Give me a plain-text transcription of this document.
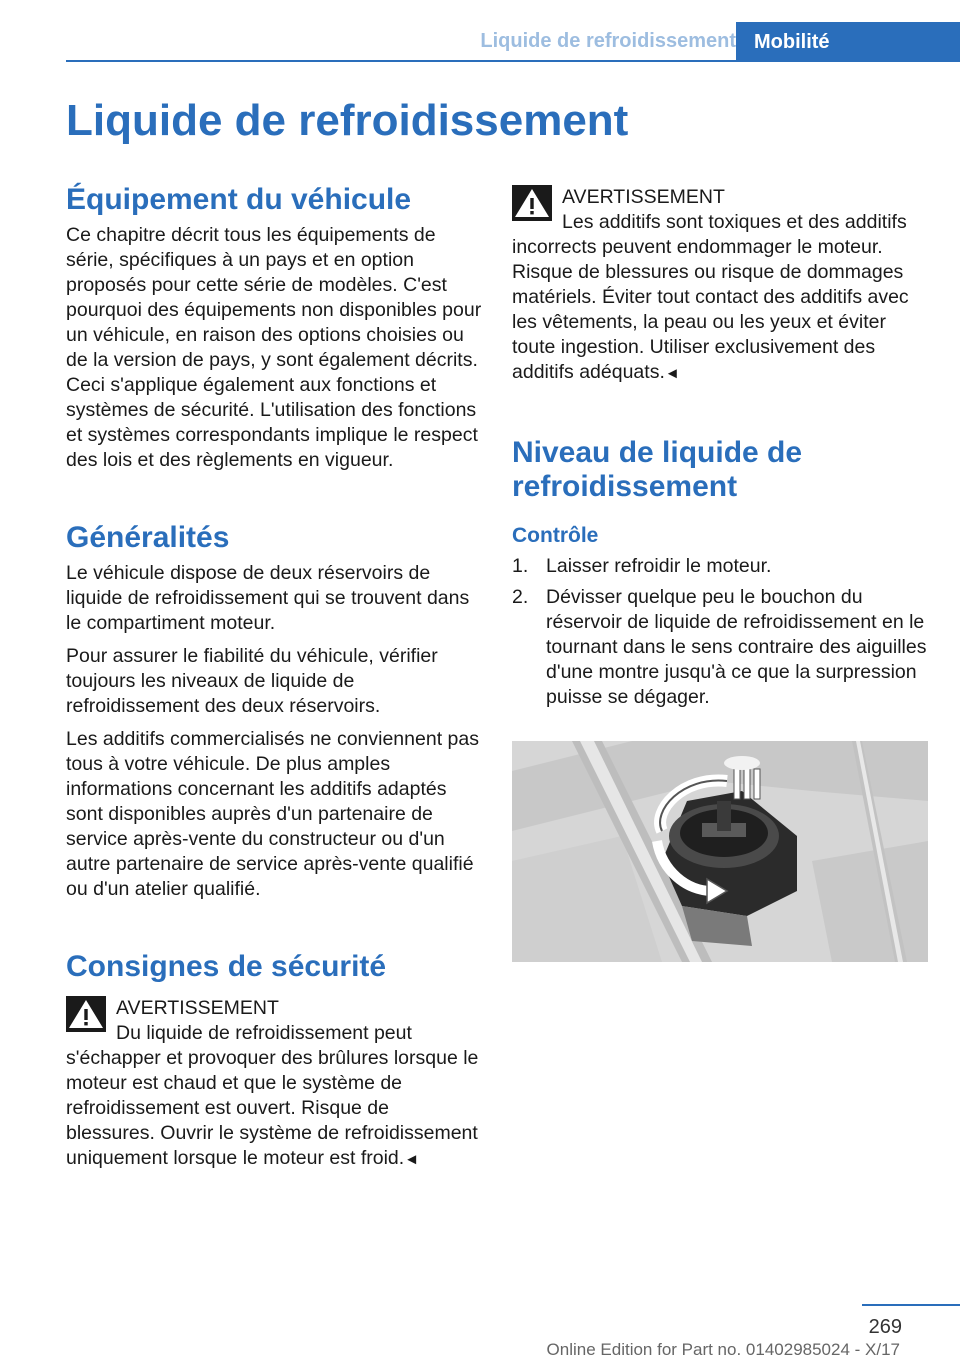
Liquide de refroidissement Mobilité
Liquide de refroidissement
Équipement du véhicule

Ce chapitre décrit tous les équipements de série, spécifiques à un pays et en option proposés pour cette série de modèles. C'est pourquoi des équipements non disponibles pour un véhicule, en raison des options choisies ou de la version de pays, y sont également décrits. Ceci s'applique également aux fonctions et systèmes de sécurité. L'utilisation des fonctions et systèmes correspondants implique le respect des lois et des règlements en vigueur.

Généralités

Le véhicule dispose de deux réservoirs de liquide de refroidissement qui se trouvent dans le compartiment moteur.

Pour assurer le fiabilité du véhicule, vérifier toujours les niveaux de liquide de refroidissement des deux réservoirs.

Les additifs commercialisés ne conviennent pas tous à votre véhicule. De plus amples informations concernant les additifs adaptés sont disponibles auprès d'un partenaire de service après-vente du constructeur ou d'un autre partenaire de service après-vente qualifié ou d'un atelier qualifié.

Consignes de sécurité
AVERTISSEMENT

Du liquide de refroidissement peut s'échapper et provoquer des brûlures lorsque le moteur est chaud et que le système de refroidissement est ouvert. Risque de blessures. Ouvrir le système de refroidissement uniquement lorsque le moteur est froid.◄

AVERTISSEMENT

Les additifs sont toxiques et des additifs incorrects peuvent endommager le moteur. Risque de blessures ou risque de dommages matériels. Éviter tout contact des additifs avec les vêtements, la peau ou les yeux et éviter toute ingestion. Utiliser exclusivement des additifs adéquats.◄

Niveau de liquide de refroidissement
Contrôle
1. Laisser refroidir le moteur.
2. Dévisser quelque peu le bouchon du réservoir de liquide de refroidissement en le tournant dans le sens contraire des aiguilles d'une montre jusqu'à ce que la surpression puisse se dégager.
269
Online Edition for Part no. 01402985024 - X/17
